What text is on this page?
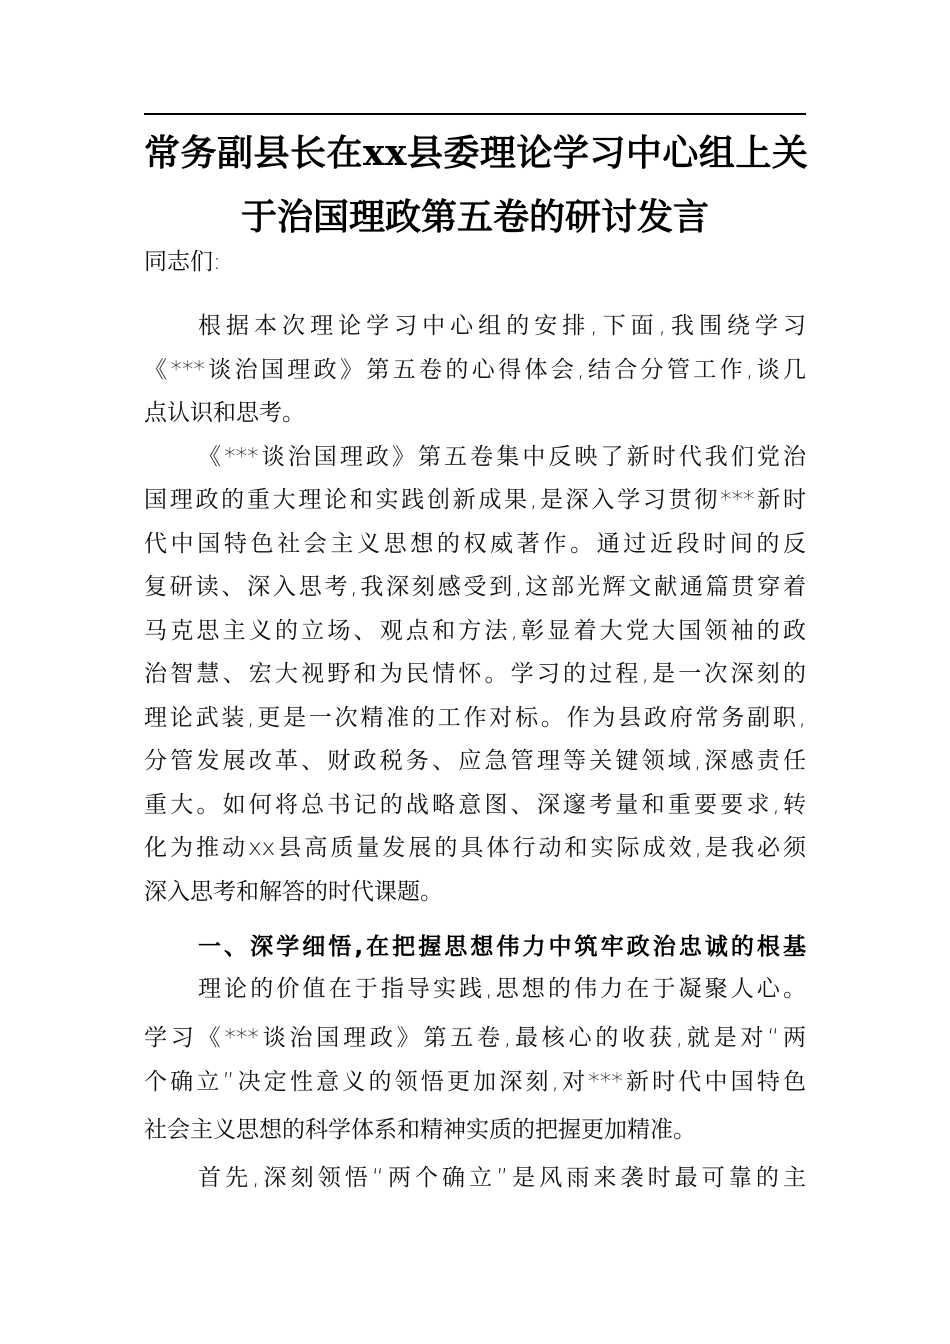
常务副县长在xx县委理论学习中心组上关
于治国理政第五卷的研讨发言
同志们:
根据本次理论学习中心组的安排,下面,我围绕学习
《***谈治国理政》第五卷的心得体会,结合分管工作,谈几
点认识和思考。
《***谈治国理政》第五卷集中反映了新时代我们党治
国理政的重大理论和实践创新成果,是深入学习贯彻***新时
代中国特色社会主义思想的权威著作。通过近段时间的反
复研读、深入思考,我深刻感受到,这部光辉文献通篇贯穿着
马克思主义的立场、观点和方法,彰显着大党大国领袖的政
治智慧、宏大视野和为民情怀。学习的过程,是一次深刻的
理论武装,更是一次精准的工作对标。作为县政府常务副职,
分管发展改革、财政税务、应急管理等关键领域,深感责任
重大。如何将总书记的战略意图、深邃考量和重要要求,转
化为推动xx县高质量发展的具体行动和实际成效,是我必须
深入思考和解答的时代课题。
一、深学细悟,在把握思想伟力中筑牢政治忠诚的根基
理论的价值在于指导实践,思想的伟力在于凝聚人心。
学习《***谈治国理政》第五卷,最核心的收获,就是对“两
个确立”决定性意义的领悟更加深刻,对***新时代中国特色
社会主义思想的科学体系和精神实质的把握更加精准。
首先,深刻领悟“两个确立”是风雨来袭时最可靠的主
